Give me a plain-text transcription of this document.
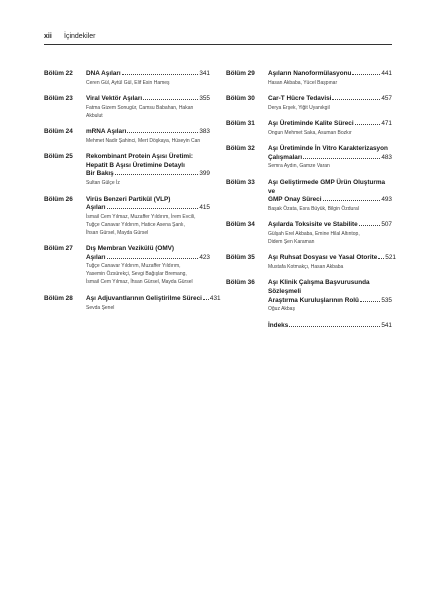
xii İçindekiler
Bölüm 22 DNA Aşıları	341
Ceren Gül, Aytül Gül, Elif Esin Hameş
Bölüm 23 Viral Vektör Aşıları	355
Fatma Gizem Sonugür, Camsu Babahan, Hakan Akbulut
Bölüm 24 mRNA Aşıları	383
Mehmet Nadir Şahinci, Mert Döşkaya, Hüseyin Can
Bölüm 25 Rekombinant Protein Aşısı Üretimi:
Hepatit B Aşısı Üretimine Detaylı
Bir Bakış	399
Sultan Gülçe İz
Bölüm 26 Virüs Benzeri Partikül (VLP)
Aşıları	415
İsmail Cem Yılmaz, Muzaffer Yıldırım, İrem Evcili,
Tuğçe Canavar Yıldırım, Hatice Asena Şanlı,
İhsan Gürsel, Mayda Gürsel
Bölüm 27 Dış Membran Vezikülü (OMV)
Aşıları	423
Tuğçe Canavar Yıldırım, Muzaffer Yıldırım,
Yasemin Özsürekçi, Sevgi Bağışlar Bremang,
İsmail Cem Yılmaz, İhsan Gürsel, Mayda Gürsel
Bölüm 28 Aşı Adjuvantlarının Geliştirilme Süreci 431
Sevda Şenel
Bölüm 29 Aşıların Nanoformülasyonu	441
Hasan Akbaba, Yücel Başpınar
Bölüm 30 Car-T Hücre Tedavisi	457
Derya Erşek, Yiğit Uyanıkgil
Bölüm 31 Aşı Üretiminde Kalite Süreci	471
Ongun Mehmet Saka, Asuman Bozkır
Bölüm 32 Aşı Üretiminde İn Vitro Karakterizasyon
Çalışmaları	483
Semra Aydın, Gamze Varan
Bölüm 33 Aşı Geliştirmede GMP Ürün Oluşturma ve
GMP Onay Süreci	493
Başak Özata, Esra Büyük, Bilgin Özdural
Bölüm 34 Aşılarda Toksisite ve Stabilite	507
Gülşah Erel Akbaba, Emine Hilal Altıntop,
Didem Şen Karaman
Bölüm 35 Aşı Ruhsat Dosyası ve Yasal Otorite 521
Mustafa Kotmakçı, Hasan Akbaba
Bölüm 36 Aşı Klinik Çalışma Başvurusunda Sözleşmeli
Araştırma Kuruluşlarının Rolü	535
Oğuz Akbaş
İndeks	541
